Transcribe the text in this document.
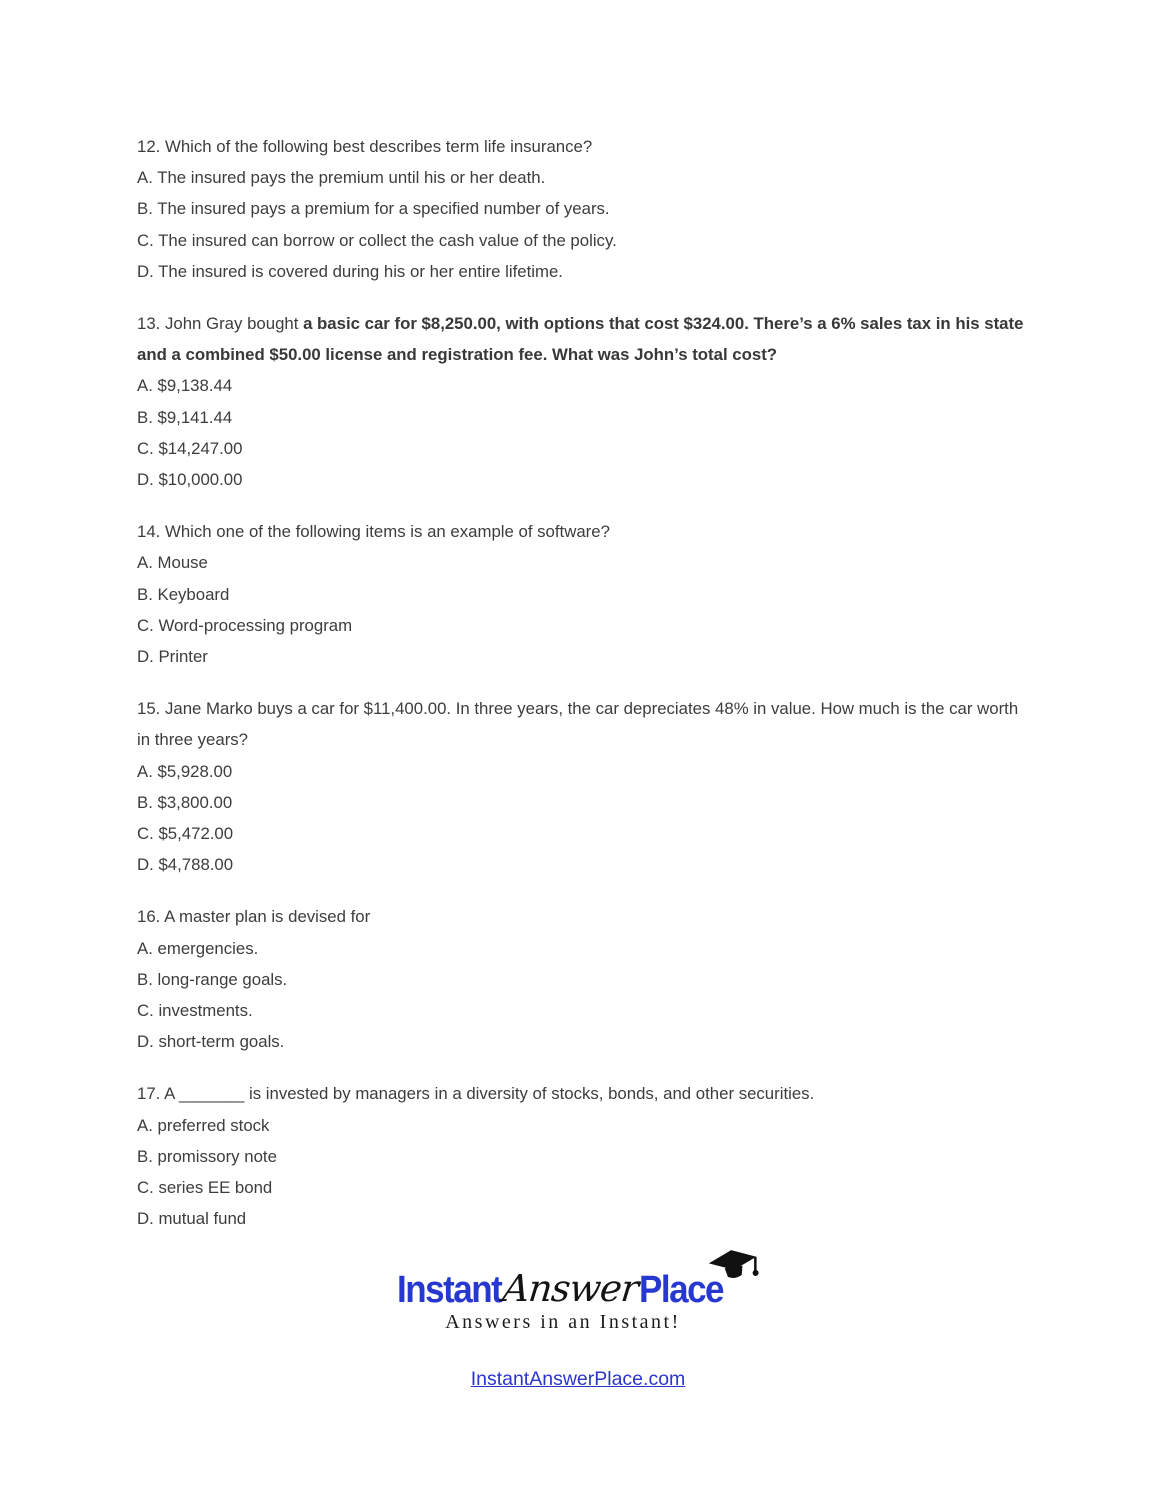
12. Which of the following best describes term life insurance?

A. The insured pays the premium until his or her death.

B. The insured pays a premium for a specified number of years.

C. The insured can borrow or collect the cash value of the policy.

D. The insured is covered during his or her entire lifetime.

13. John Gray bought a basic car for $8,250.00, with options that cost $324.00. There’s a 6% sales tax in his state and a combined $50.00 license and registration fee. What was John’s total cost?

A. $9,138.44

B. $9,141.44

C. $14,247.00

D. $10,000.00

14. Which one of the following items is an example of software?

A. Mouse

B. Keyboard

C. Word-processing program

D. Printer

15. Jane Marko buys a car for $11,400.00. In three years, the car depreciates 48% in value. How much is the car worth in three years?

A. $5,928.00

B. $3,800.00

C. $5,472.00

D. $4,788.00

16. A master plan is devised for

A. emergencies.

B. long-range goals.

C. investments.

D. short-term goals.

17. A _______ is invested by managers in a diversity of stocks, bonds, and other securities.

A. preferred stock

B. promissory note

C. series EE bond

D. mutual fund

Instant Answer
Place
Answers in an Instant!
InstantAnswerPlace.com
